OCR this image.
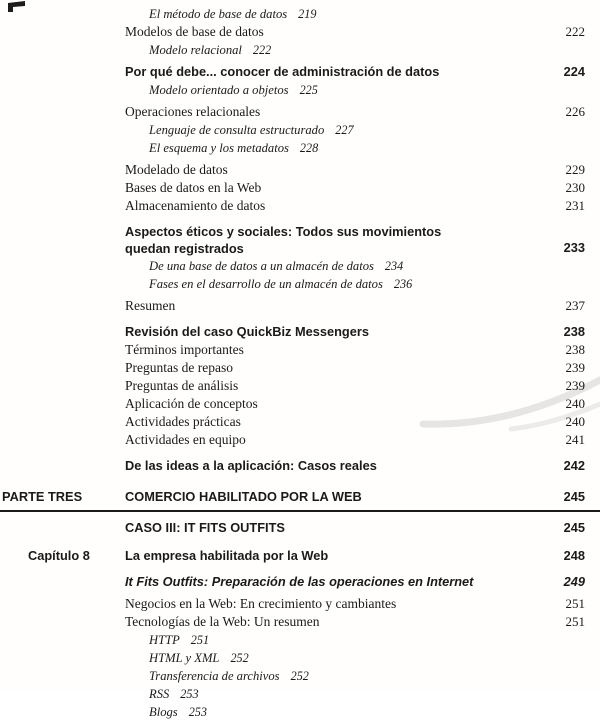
El método de base de datos 219
Modelos de base de datos	222
Modelo relacional 222
Por qué debe... conocer de administración de datos	224
Modelo orientado a objetos 225
Operaciones relacionales	226
Lenguaje de consulta estructurado 227
El esquema y los metadatos 228
Modelado de datos	229
Bases de datos en la Web	230
Almacenamiento de datos	231
Aspectos éticos y sociales: Todos sus movimientos quedan registrados	233
De una base de datos a un almacén de datos 234
Fases en el desarrollo de un almacén de datos 236
Resumen	237
Revisión del caso QuickBiz Messengers	238
Términos importantes	238
Preguntas de repaso	239
Preguntas de análisis	239
Aplicación de conceptos	240
Actividades prácticas	240
Actividades en equipo	241
De las ideas a la aplicación: Casos reales	242
PARTE TRES	COMERCIO HABILITADO POR LA WEB	245
CASO III: IT FITS OUTFITS	245
Capítulo 8	La empresa habilitada por la Web	248
It Fits Outfits: Preparación de las operaciones en Internet	249
Negocios en la Web: En crecimiento y cambiantes	251
Tecnologías de la Web: Un resumen	251
HTTP 251
HTML y XML 252
Transferencia de archivos 252
RSS 253
Blogs 253
